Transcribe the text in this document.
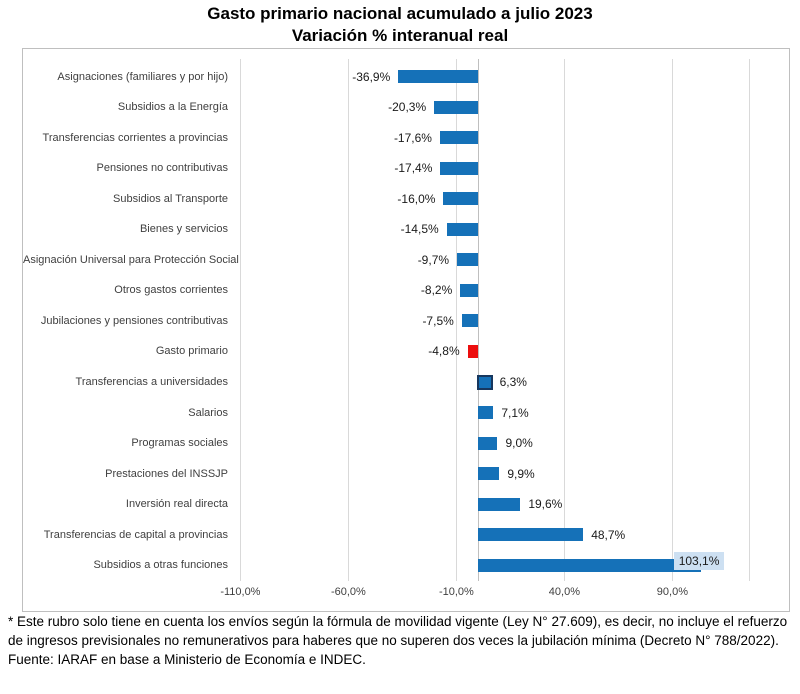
Gasto primario nacional acumulado a julio 2023
Variación % interanual real
-110,0%	-60,0%	-10,0%	40,0%	90,0%
Asignaciones (familiares y por hijo)	-36,9%
Subsidios a la Energía	-20,3%
Transferencias corrientes a provincias	-17,6%
Pensiones no contributivas	-17,4%
Subsidios al Transporte	-16,0%
Bienes y servicios	-14,5%
Asignación Universal para Protección Social	-9,7%
Otros gastos corrientes	-8,2%
Jubilaciones y pensiones contributivas	-7,5%
Gasto primario	-4,8%
Transferencias a universidades	6,3%
Salarios	7,1%
Programas sociales	9,0%
Prestaciones del INSSJP	9,9%
Inversión real directa	19,6%
Transferencias de capital a provincias	48,7%
Subsidios a otras funciones	103,1%
* Este rubro solo tiene en cuenta los envíos según la fórmula de movilidad vigente (Ley N° 27.609), es decir, no incluye el refuerzo de ingresos previsionales no remunerativos para haberes que no superen dos veces la jubilación mínima (Decreto N° 788/2022).
Fuente: IARAF en base a Ministerio de Economía e INDEC.
